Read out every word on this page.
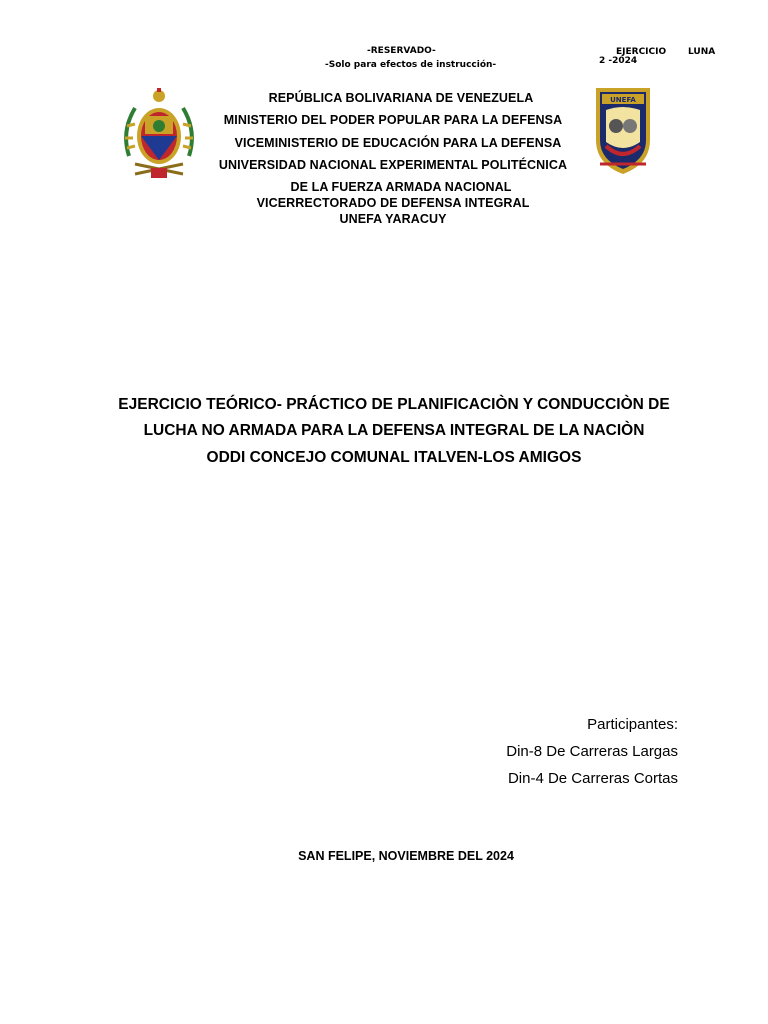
-RESERVADO-
-Solo para efectos de instrucción-
EJERCICIO LUNA
2 -2024
UNEFA
REPÚBLICA BOLIVARIANA DE VENEZUELA
MINISTERIO DEL PODER POPULAR PARA LA DEFENSA
VICEMINISTERIO DE EDUCACIÓN PARA LA DEFENSA
UNIVERSIDAD NACIONAL EXPERIMENTAL POLITÉCNICA
DE LA FUERZA ARMADA NACIONAL
VICERRECTORADO DE DEFENSA INTEGRAL
UNEFA YARACUY
EJERCICIO TEÓRICO- PRÁCTICO DE PLANIFICACIÒN Y CONDUCCIÒN DE
LUCHA NO ARMADA PARA LA DEFENSA INTEGRAL DE LA NACIÒN
ODDI CONCEJO COMUNAL ITALVEN-LOS AMIGOS
Participantes:
Din-8 De Carreras Largas
Din-4 De Carreras Cortas
SAN FELIPE, NOVIEMBRE DEL 2024
